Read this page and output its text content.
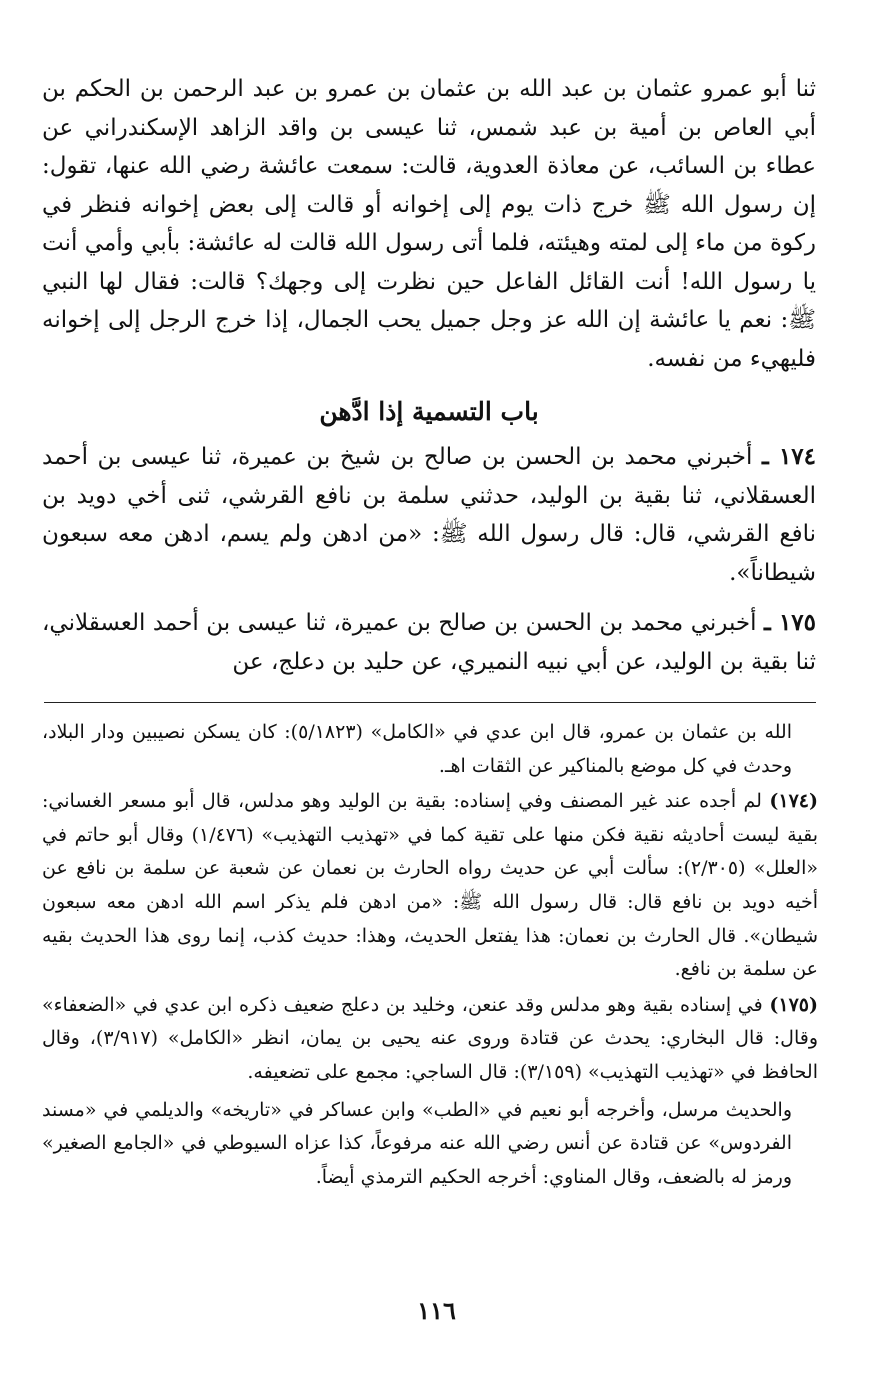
ثنا أبو عمرو عثمان بن عبد الله بن عثمان بن عمرو بن عبد الرحمن بن الحكم بن أبي العاص بن أمية بن عبد شمس، ثنا عيسى بن واقد الزاهد الإسكندراني عن عطاء بن السائب، عن معاذة العدوية، قالت: سمعت عائشة رضي الله عنها، تقول: إن رسول الله ﷺ خرج ذات يوم إلى إخوانه أو قالت إلى بعض إخوانه فنظر في ركوة من ماء إلى لمته وهيئته، فلما أتى رسول الله قالت له عائشة: بأبي وأمي أنت يا رسول الله! أنت القائل الفاعل حين نظرت إلى وجهك؟ قالت: فقال لها النبي ﷺ: نعم يا عائشة إن الله عز وجل جميل يحب الجمال، إذا خرج الرجل إلى إخوانه فليهيء من نفسه.

باب التسمية إذا ادَّهن

١٧٤ ـ أخبرني محمد بن الحسن بن صالح بن شيخ بن عميرة، ثنا عيسى بن أحمد العسقلاني، ثنا بقية بن الوليد، حدثني سلمة بن نافع القرشي، ثنى أخي دويد بن نافع القرشي، قال: قال رسول الله ﷺ: «من ادهن ولم يسم، ادهن معه سبعون شيطاناً».

١٧٥ ـ أخبرني محمد بن الحسن بن صالح بن عميرة، ثنا عيسى بن أحمد العسقلاني، ثنا بقية بن الوليد، عن أبي نبيه النميري، عن حليد بن دعلج، عن

الله بن عثمان بن عمرو، قال ابن عدي في «الكامل» (٥/١٨٢٣): كان يسكن نصيبين ودار البلاد، وحدث في كل موضع بالمناكير عن الثقات اهـ.

(١٧٤) لم أجده عند غير المصنف وفي إسناده: بقية بن الوليد وهو مدلس، قال أبو مسعر الغساني: بقية ليست أحاديثه نقية فكن منها على تقية كما في «تهذيب التهذيب» (١/٤٧٦) وقال أبو حاتم في «العلل» (٢/٣٠٥): سألت أبي عن حديث رواه الحارث بن نعمان عن شعبة عن سلمة بن نافع عن أخيه دويد بن نافع قال: قال رسول الله ﷺ: «من ادهن فلم يذكر اسم الله ادهن معه سبعون شيطان». قال الحارث بن نعمان: هذا يفتعل الحديث، وهذا: حديث كذب، إنما روى هذا الحديث بقيه عن سلمة بن نافع.

(١٧٥) في إسناده بقية وهو مدلس وقد عنعن، وخليد بن دعلج ضعيف ذكره ابن عدي في «الضعفاء» وقال: قال البخاري: يحدث عن قتادة وروى عنه يحيى بن يمان، انظر «الكامل» (٣/٩١٧)، وقال الحافظ في «تهذيب التهذيب» (٣/١٥٩): قال الساجي: مجمع على تضعيفه.

والحديث مرسل، وأخرجه أبو نعيم في «الطب» وابن عساكر في «تاريخه» والديلمي في «مسند الفردوس» عن قتادة عن أنس رضي الله عنه مرفوعاً، كذا عزاه السيوطي في «الجامع الصغير» ورمز له بالضعف، وقال المناوي: أخرجه الحكيم الترمذي أيضاً.

١١٦
